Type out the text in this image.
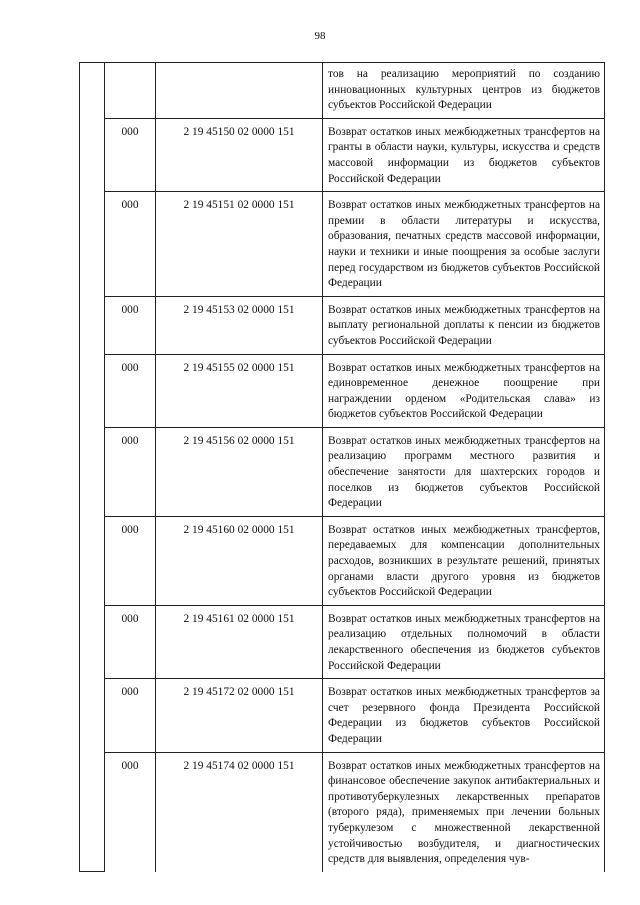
98
			тов на реализацию мероприятий по созданию инновационных культурных центров из бюджетов субъектов Российской Федерации
	000	2 19 45150 02 0000 151	Возврат остатков иных межбюджетных трансфертов на гранты в области науки, культуры, искусства и средств массовой информации из бюджетов субъектов Российской Федерации
	000	2 19 45151 02 0000 151	Возврат остатков иных межбюджетных трансфертов на премии в области литературы и искусства, образования, печатных средств массовой информации, науки и техники и иные поощрения за особые заслуги перед государством из бюджетов субъектов Российской Федерации
	000	2 19 45153 02 0000 151	Возврат остатков иных межбюджетных трансфертов на выплату региональной доплаты к пенсии из бюджетов субъектов Российской Федерации
	000	2 19 45155 02 0000 151	Возврат остатков иных межбюджетных трансфертов на единовременное денежное поощрение при награждении орденом «Родительская слава» из бюджетов субъектов Российской Федерации
	000	2 19 45156 02 0000 151	Возврат остатков иных межбюджетных трансфертов на реализацию программ местного развития и обеспечение занятости для шахтерских городов и поселков из бюджетов субъектов Российской Федерации
	000	2 19 45160 02 0000 151	Возврат остатков иных межбюджетных трансфертов, передаваемых для компенсации дополнительных расходов, возникших в результате решений, принятых органами власти другого уровня из бюджетов субъектов Российской Федерации
	000	2 19 45161 02 0000 151	Возврат остатков иных межбюджетных трансфертов на реализацию отдельных полномочий в области лекарственного обеспечения из бюджетов субъектов Российской Федерации
	000	2 19 45172 02 0000 151	Возврат остатков иных межбюджетных трансфертов за счет резервного фонда Президента Российской Федерации из бюджетов субъектов Российской Федерации
	000	2 19 45174 02 0000 151	Возврат остатков иных межбюджетных трансфертов на финансовое обеспечение закупок антибактериальных и противотуберкулезных лекарственных препаратов (второго ряда), применяемых при лечении больных туберкулезом с множественной лекарственной устойчивостью возбудителя, и диагностических средств для выявления, определения чув-
